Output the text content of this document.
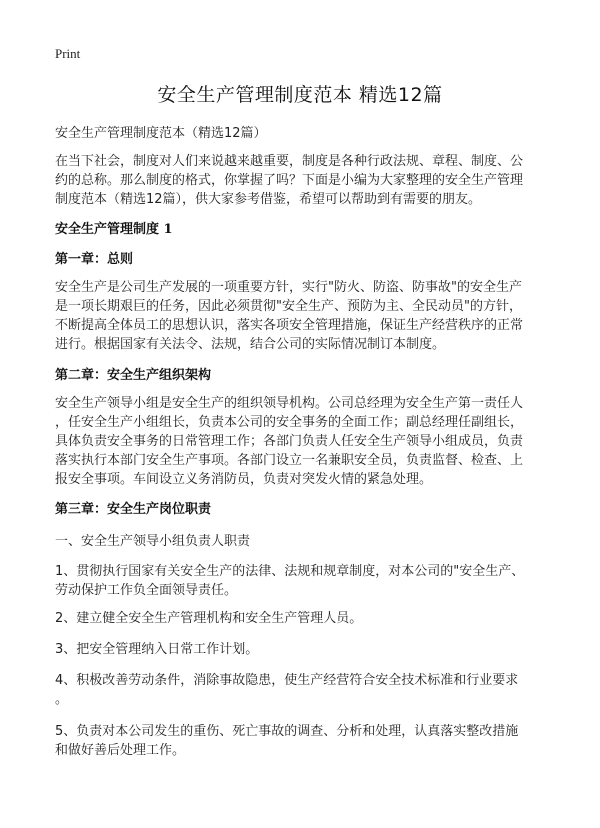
Print
安全生产管理制度范本 精选12篇
安全生产管理制度范本（精选12篇）

在当下社会，制度对人们来说越来越重要，制度是各种行政法规、章程、制度、公

约的总称。那么制度的格式，你掌握了吗？下面是小编为大家整理的安全生产管理

制度范本（精选12篇），供大家参考借鉴，希望可以帮助到有需要的朋友。

安全生产管理制度 1
第一章：总则

安全生产是公司生产发展的一项重要方针，实行"防火、防盗、防事故"的安全生产

是一项长期艰巨的任务，因此必须贯彻"安全生产、预防为主、全民动员"的方针，

不断提高全体员工的思想认识，落实各项安全管理措施，保证生产经营秩序的正常

进行。根据国家有关法令、法规，结合公司的实际情况制订本制度。

第二章：安全生产组织架构

安全生产领导小组是安全生产的组织领导机构。公司总经理为安全生产第一责任人

，任安全生产小组组长，负责本公司的安全事务的全面工作；副总经理任副组长，

具体负责安全事务的日常管理工作；各部门负责人任安全生产领导小组成员，负责

落实执行本部门安全生产事项。各部门设立一名兼职安全员，负责监督、检查、上

报安全事项。车间设立义务消防员，负责对突发火情的紧急处理。

第三章：安全生产岗位职责
一、安全生产领导小组负责人职责

1、贯彻执行国家有关安全生产的法律、法规和规章制度，对本公司的"安全生产、

劳动保护工作负全面领导责任。

2、建立健全安全生产管理机构和安全生产管理人员。

3、把安全管理纳入日常工作计划。

4、积极改善劳动条件，消除事故隐患，使生产经营符合安全技术标准和行业要求

。

5、负责对本公司发生的重伤、死亡事故的调查、分析和处理，认真落实整改措施

和做好善后处理工作。
